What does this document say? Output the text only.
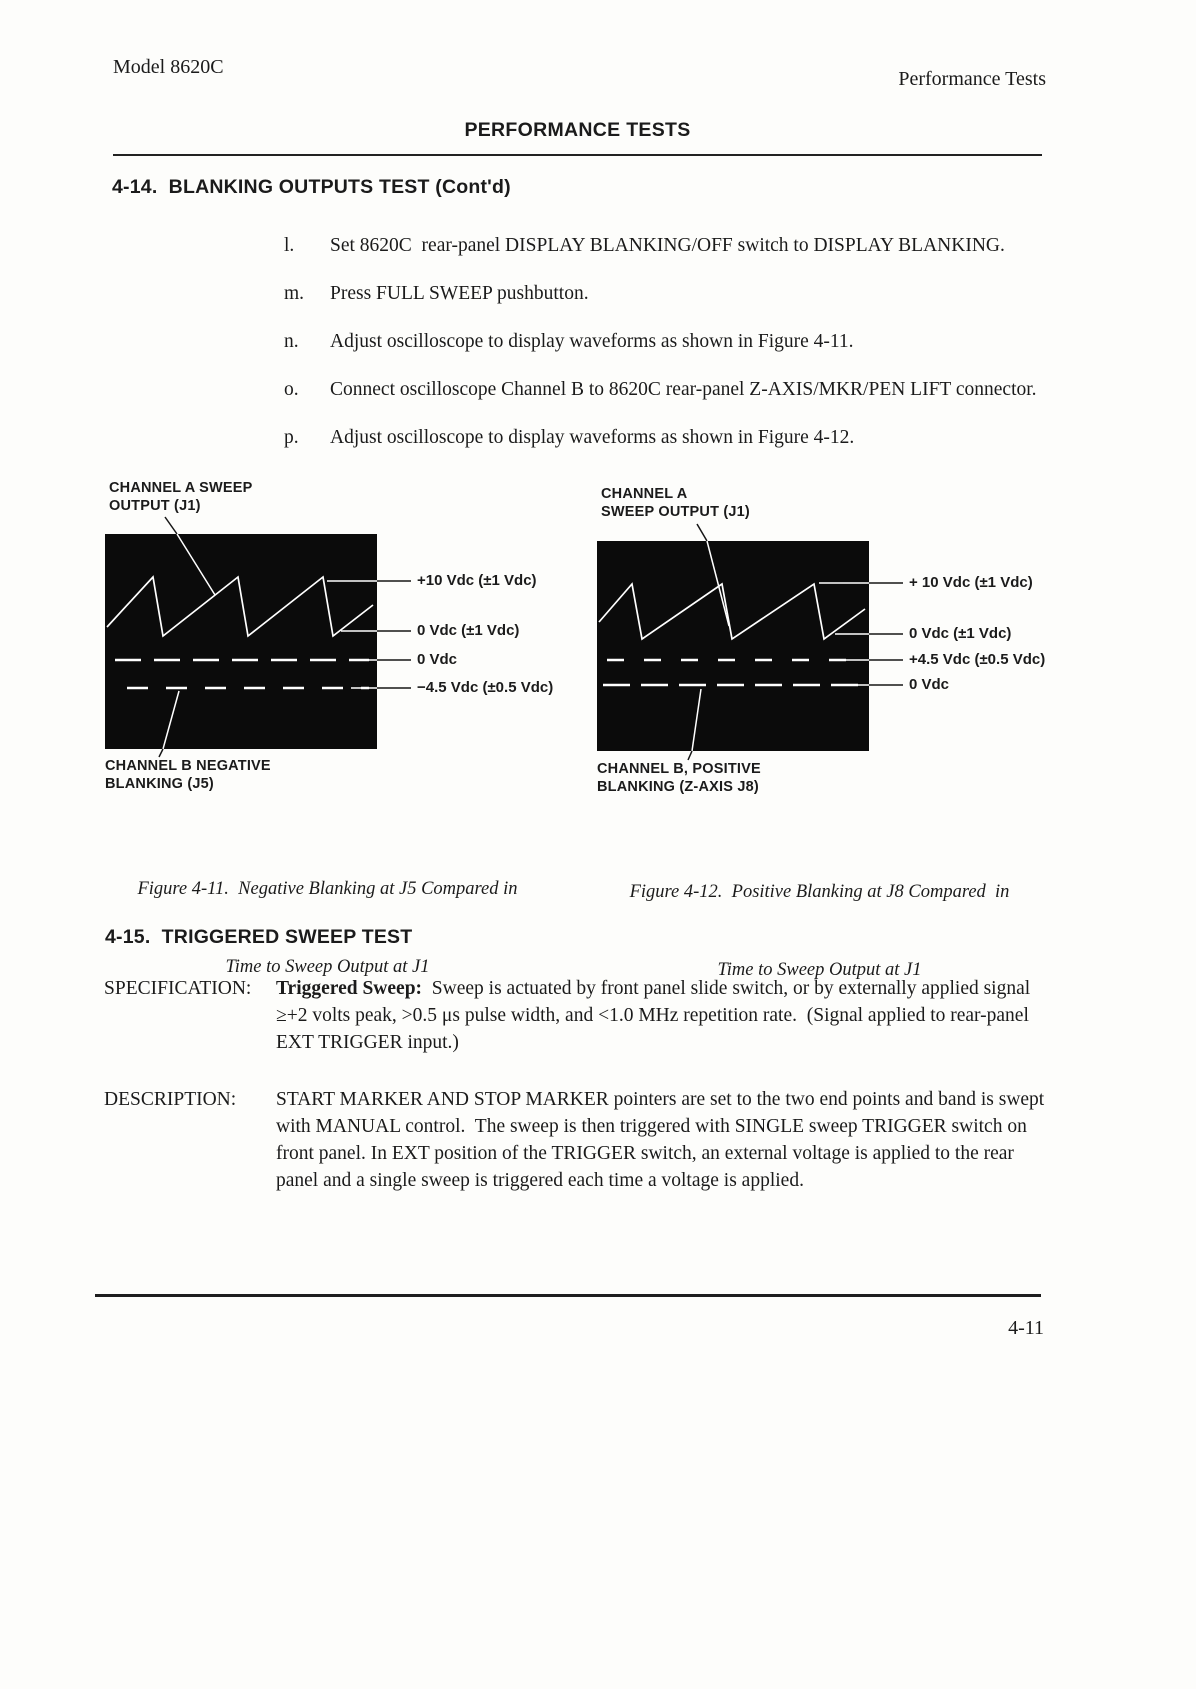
Model 8620C
Performance Tests
PERFORMANCE TESTS
4-14.  BLANKING OUTPUTS TEST (Cont'd)
l.	Set 8620C  rear-panel DISPLAY BLANKING/OFF switch to DISPLAY BLANKING.
m.	Press FULL SWEEP pushbutton.
n.	Adjust oscilloscope to display waveforms as shown in Figure 4-11.
o.	Connect oscilloscope Channel B to 8620C rear-panel Z-AXIS/MKR/PEN LIFT connector.
p.	Adjust oscilloscope to display waveforms as shown in Figure 4-12.
CHANNEL A SWEEP
OUTPUT (J1)
+10 Vdc (±1 Vdc)
0 Vdc (±1 Vdc)
0 Vdc
−4.5 Vdc (±0.5 Vdc)
CHANNEL B NEGATIVE
BLANKING (J5)

Figure 4-11.  Negative Blanking at J5 Compared in

Time to Sweep Output at J1

CHANNEL A
SWEEP OUTPUT (J1)
+ 10 Vdc (±1 Vdc)
0 Vdc (±1 Vdc)
+4.5 Vdc (±0.5 Vdc)
0 Vdc
CHANNEL B, POSITIVE
BLANKING (Z-AXIS J8)

Figure 4-12.  Positive Blanking at J8 Compared  in

Time to Sweep Output at J1

4-15.  TRIGGERED SWEEP TEST
SPECIFICATION:	Triggered Sweep:  Sweep is actuated by front panel slide switch, or by externally applied signal ≥+2 volts peak, >0.5 μs pulse width, and <1.0 MHz repetition rate.  (Signal applied to rear-panel EXT TRIGGER input.)
DESCRIPTION:	START MARKER AND STOP MARKER pointers are set to the two end points and band is swept with MANUAL control.  The sweep is then triggered with SINGLE sweep TRIGGER switch on front panel. In EXT position of the TRIGGER switch, an external voltage is applied to the rear panel and a single sweep is triggered each time a voltage is applied.
4-11
